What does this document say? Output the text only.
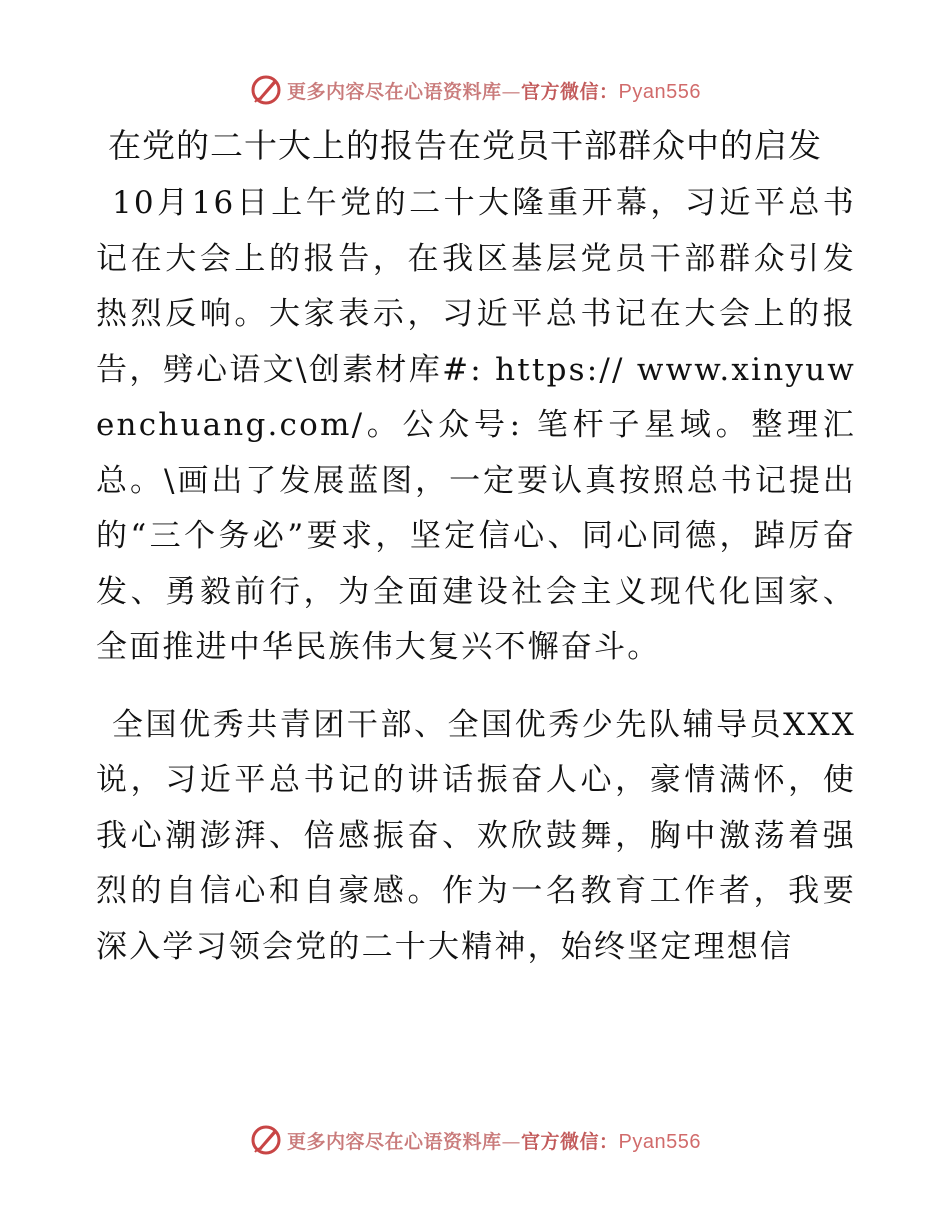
更多内容尽在心语资料库—官方微信：Pyan556
在党的二十大上的报告在党员干部群众中的启发

10月16日上午党的二十大隆重开幕，习近平总书记在大会上的报告，在我区基层党员干部群众引发热烈反响。大家表示，习近平总书记在大会上的报告，劈心语文\创素材库#: https:// www.xinyuwenchuang.com/。公众号: 笔杆子星域。整理汇总。\画出了发展蓝图，一定要认真按照总书记提出的“三个务必”要求，坚定信心、同心同德，踔厉奋发、勇毅前行，为全面建设社会主义现代化国家、全面推进中华民族伟大复兴不懈奋斗。

全国优秀共青团干部、全国优秀少先队辅导员XXX说，习近平总书记的讲话振奋人心，豪情满怀，使我心潮澎湃、倍感振奋、欢欣鼓舞，胸中激荡着强烈的自信心和自豪感。作为一名教育工作者，我要深入学习领会党的二十大精神，始终坚定理想信

更多内容尽在心语资料库—官方微信：Pyan556
